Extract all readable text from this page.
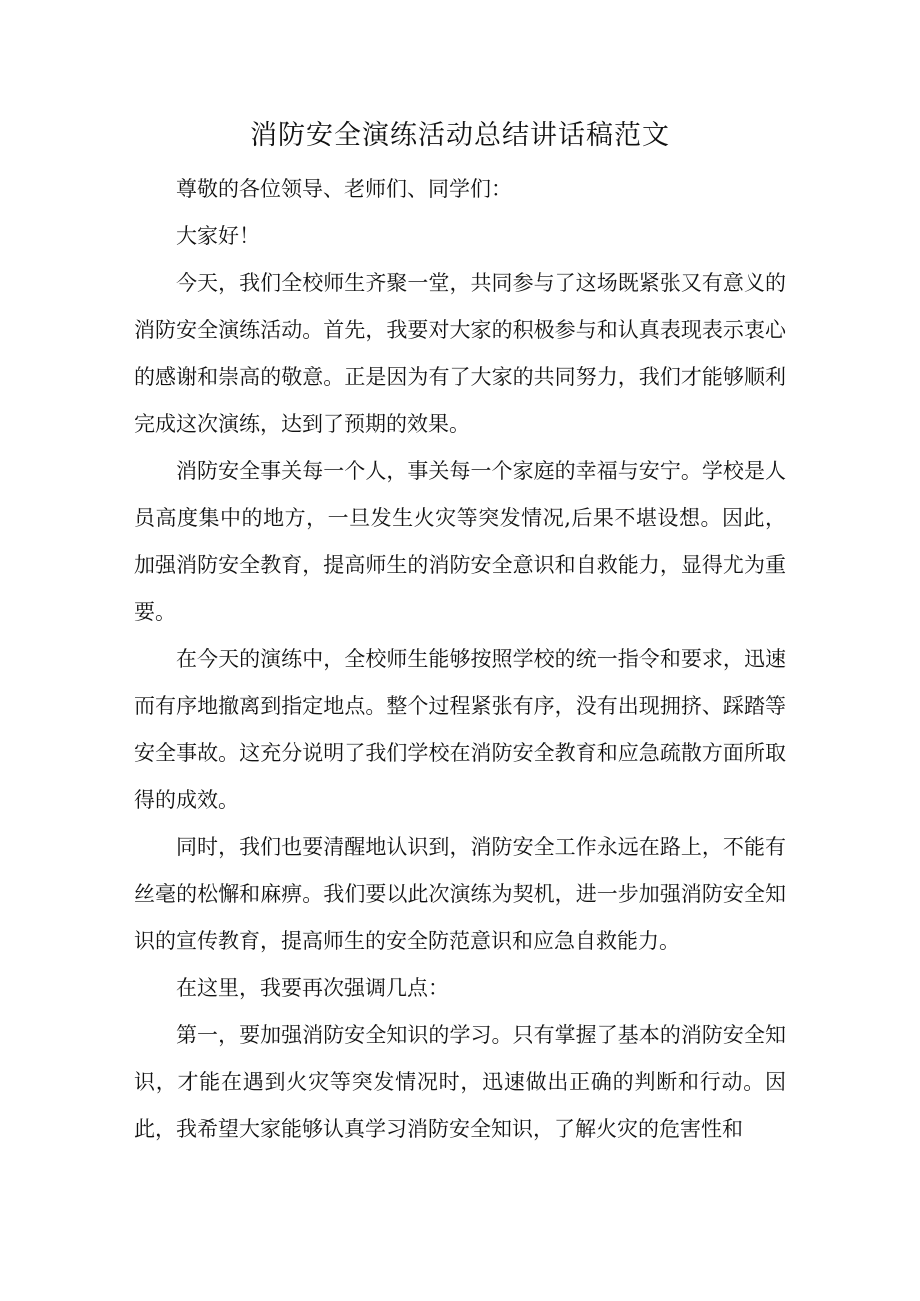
消防安全演练活动总结讲话稿范文

尊敬的各位领导、老师们、同学们：

大家好！

今天，我们全校师生齐聚一堂，共同参与了这场既紧张又有意义的消防安全演练活动。首先，我要对大家的积极参与和认真表现表示衷心的感谢和崇高的敬意。正是因为有了大家的共同努力，我们才能够顺利完成这次演练，达到了预期的效果。

消防安全事关每一个人，事关每一个家庭的幸福与安宁。学校是人员高度集中的地方，一旦发生火灾等突发情况,后果不堪设想。因此，加强消防安全教育，提高师生的消防安全意识和自救能力，显得尤为重要。

在今天的演练中，全校师生能够按照学校的统一指令和要求，迅速而有序地撤离到指定地点。整个过程紧张有序，没有出现拥挤、踩踏等安全事故。这充分说明了我们学校在消防安全教育和应急疏散方面所取得的成效。

同时，我们也要清醒地认识到，消防安全工作永远在路上，不能有丝毫的松懈和麻痹。我们要以此次演练为契机，进一步加强消防安全知识的宣传教育，提高师生的安全防范意识和应急自救能力。

在这里，我要再次强调几点：

第一，要加强消防安全知识的学习。只有掌握了基本的消防安全知识，才能在遇到火灾等突发情况时，迅速做出正确的判断和行动。因此，我希望大家能够认真学习消防安全知识，了解火灾的危害性和
